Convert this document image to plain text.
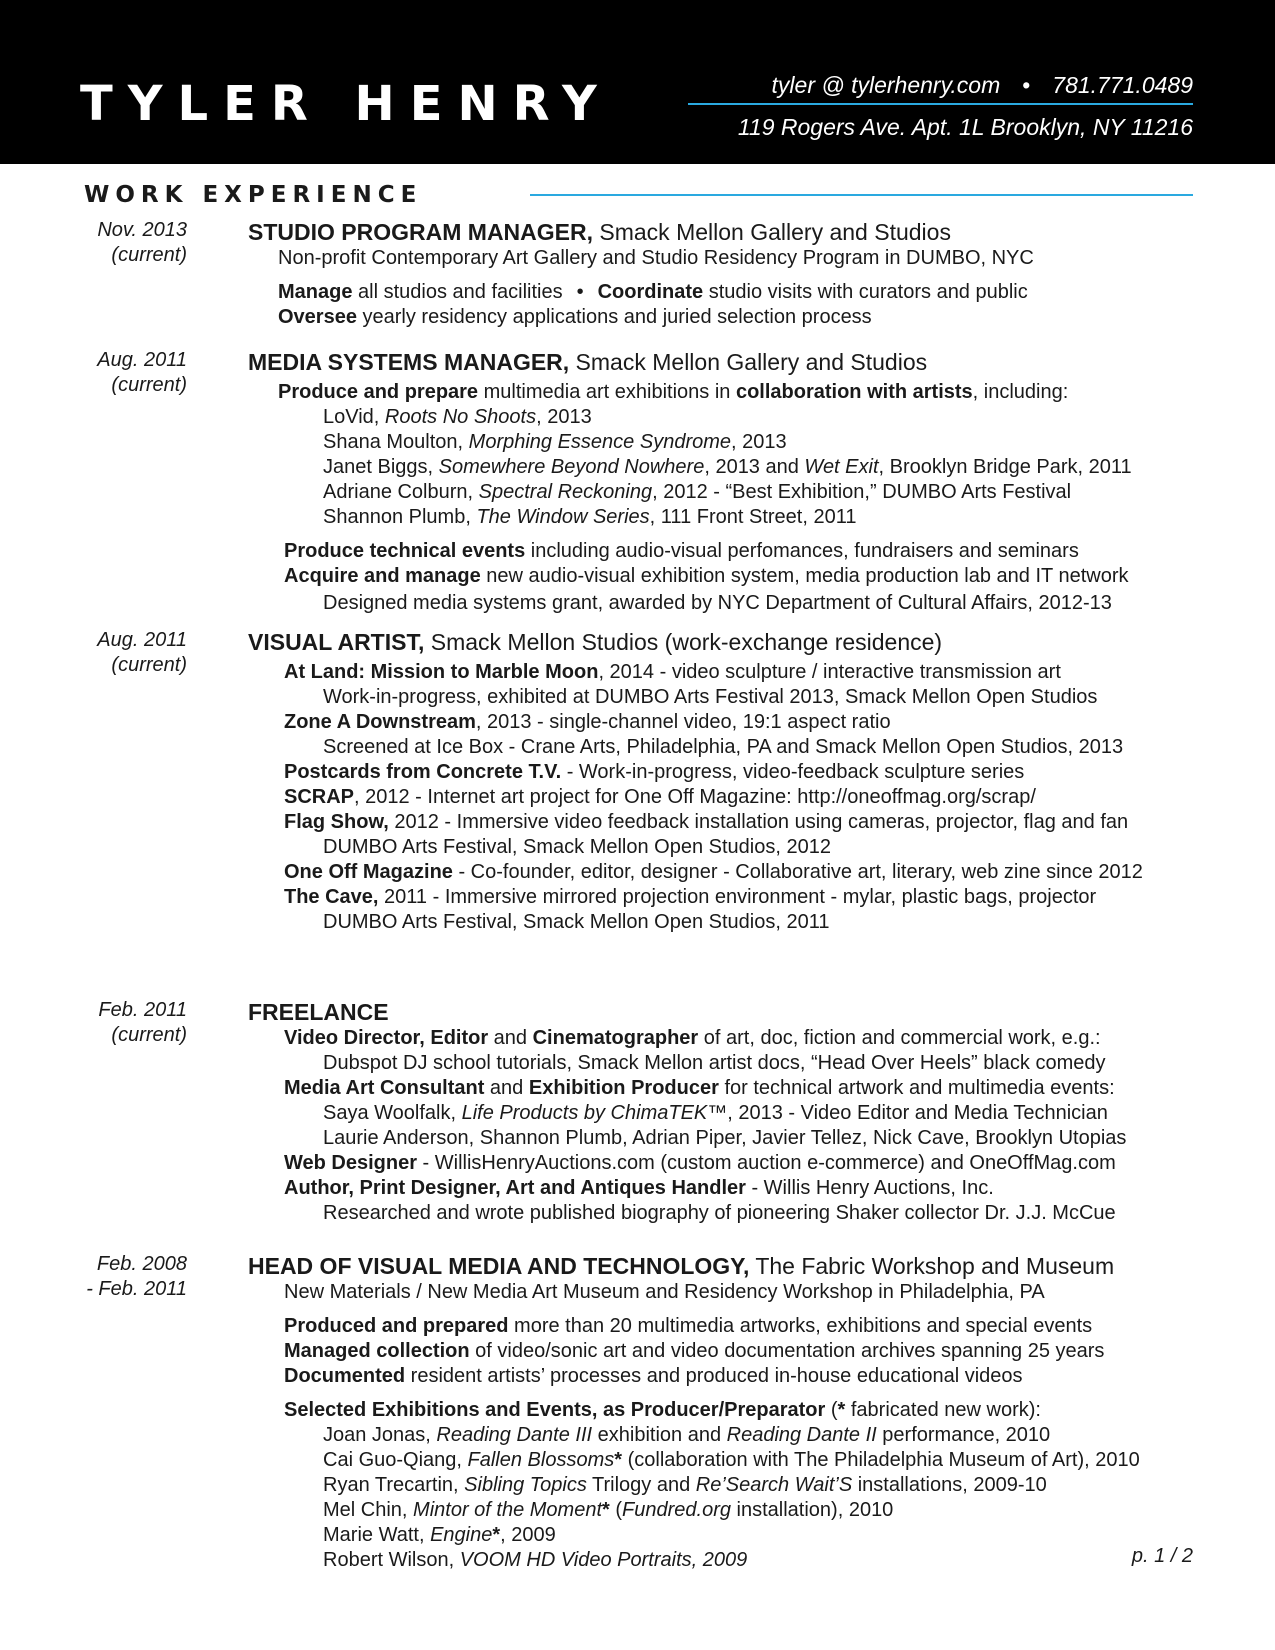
TYLER HENRY	tyler @ tylerhenry.com • 781.771.0489
119 Rogers Ave. Apt. 1L Brooklyn, NY 11216
WORK EXPERIENCE
Nov. 2013
(current)
STUDIO PROGRAM MANAGER, Smack Mellon Gallery and Studios
Non-profit Contemporary Art Gallery and Studio Residency Program in DUMBO, NYC
Manage all studios and facilities • Coordinate studio visits with curators and public
Oversee yearly residency applications and juried selection process
Aug. 2011
(current)
MEDIA SYSTEMS MANAGER, Smack Mellon Gallery and Studios
Produce and prepare multimedia art exhibitions in collaboration with artists, including:
LoVid, Roots No Shoots, 2013
Shana Moulton, Morphing Essence Syndrome, 2013
Janet Biggs, Somewhere Beyond Nowhere, 2013 and Wet Exit, Brooklyn Bridge Park, 2011
Adriane Colburn, Spectral Reckoning, 2012 - “Best Exhibition,” DUMBO Arts Festival
Shannon Plumb, The Window Series, 111 Front Street, 2011
Produce technical events including audio-visual perfomances, fundraisers and seminars
Acquire and manage new audio-visual exhibition system, media production lab and IT network
Designed media systems grant, awarded by NYC Department of Cultural Affairs, 2012-13
Aug. 2011
(current)
VISUAL ARTIST, Smack Mellon Studios (work-exchange residence)
At Land: Mission to Marble Moon, 2014 - video sculpture / interactive transmission art
Work-in-progress, exhibited at DUMBO Arts Festival 2013, Smack Mellon Open Studios
Zone A Downstream, 2013 - single-channel video, 19:1 aspect ratio
Screened at Ice Box - Crane Arts, Philadelphia, PA and Smack Mellon Open Studios, 2013
Postcards from Concrete T.V. - Work-in-progress, video-feedback sculpture series
SCRAP, 2012 - Internet art project for One Off Magazine: http://oneoffmag.org/scrap/
Flag Show, 2012 - Immersive video feedback installation using cameras, projector, flag and fan
DUMBO Arts Festival, Smack Mellon Open Studios, 2012
One Off Magazine - Co-founder, editor, designer - Collaborative art, literary, web zine since 2012
The Cave, 2011 - Immersive mirrored projection environment - mylar, plastic bags, projector
DUMBO Arts Festival, Smack Mellon Open Studios, 2011
Feb. 2011
(current)
FREELANCE
Video Director, Editor and Cinematographer of art, doc, fiction and commercial work, e.g.:
Dubspot DJ school tutorials, Smack Mellon artist docs, “Head Over Heels” black comedy
Media Art Consultant and Exhibition Producer for technical artwork and multimedia events:
Saya Woolfalk, Life Products by ChimaTEK™, 2013 - Video Editor and Media Technician
Laurie Anderson, Shannon Plumb, Adrian Piper, Javier Tellez, Nick Cave, Brooklyn Utopias
Web Designer - WillisHenryAuctions.com (custom auction e-commerce) and OneOffMag.com
Author, Print Designer, Art and Antiques Handler - Willis Henry Auctions, Inc.
Researched and wrote published biography of pioneering Shaker collector Dr. J.J. McCue
Feb. 2008
- Feb. 2011
HEAD OF VISUAL MEDIA AND TECHNOLOGY, The Fabric Workshop and Museum
New Materials / New Media Art Museum and Residency Workshop in Philadelphia, PA
Produced and prepared more than 20 multimedia artworks, exhibitions and special events
Managed collection of video/sonic art and video documentation archives spanning 25 years
Documented resident artists’ processes and produced in-house educational videos
Selected Exhibitions and Events, as Producer/Preparator (* fabricated new work):
Joan Jonas, Reading Dante III exhibition and Reading Dante II performance, 2010
Cai Guo-Qiang, Fallen Blossoms* (collaboration with The Philadelphia Museum of Art), 2010
Ryan Trecartin, Sibling Topics Trilogy and Re’Search Wait’S installations, 2009-10
Mel Chin, Mintor of the Moment* (Fundred.org installation), 2010
Marie Watt, Engine*, 2009
Robert Wilson, VOOM HD Video Portraits, 2009	p. 1 / 2
